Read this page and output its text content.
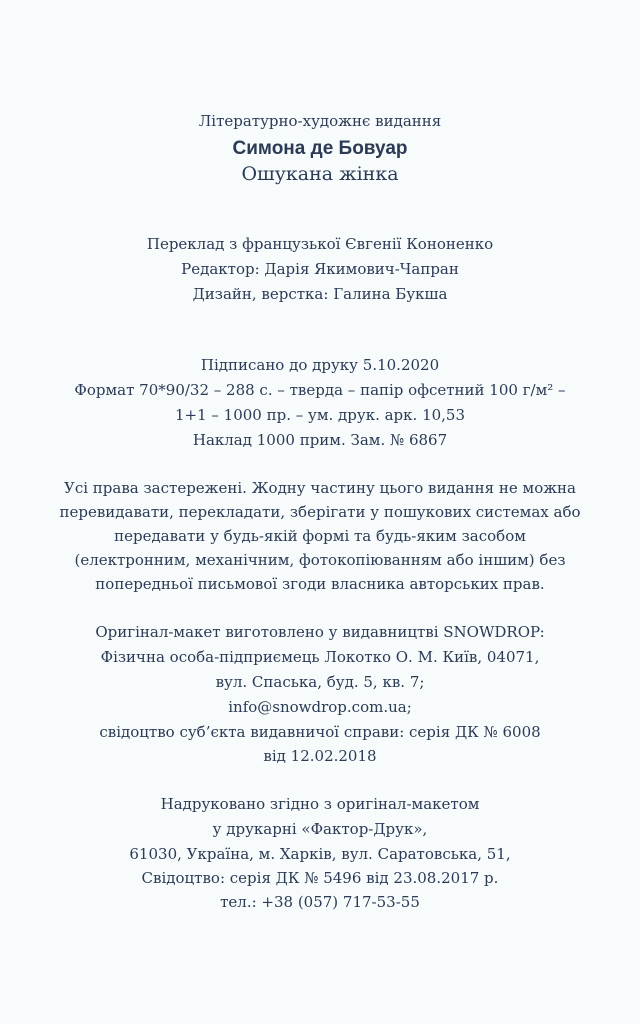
Літературно-художнє видання
Симона де Бовуар
Ошукана жінка
Переклад з французької Євгенії Кононенко
Редактор: Дарія Якимович-Чапран
Дизайн, верстка: Галина Букша
Підписано до друку 5.10.2020
Формат 70*90/32 – 288 с. – тверда – папір офсетний 100 г/м² –
1+1 – 1000 пр. – ум. друк. арк. 10,53
Наклад 1000 прим. Зам. № 6867
Усі права застережені. Жодну частину цього видання не можна
перевидавати, перекладати, зберігати у пошукових системах або
передавати у будь-якій формі та будь-яким засобом
(електронним, механічним, фотокопіюванням або іншим) без
попередньої письмової згоди власника авторських прав.
Оригінал-макет виготовлено у видавництві SNOWDROP:
Фізична особа-підприємець Локотко О. М. Київ, 04071,
вул. Спаська, буд. 5, кв. 7;
info@snowdrop.com.ua;
свідоцтво суб’єкта видавничої справи: серія ДК № 6008
від 12.02.2018
Надруковано згідно з оригінал-макетом
у друкарні «Фактор-Друк»,
61030, Україна, м. Харків, вул. Саратовська, 51,
Свідоцтво: серія ДК № 5496 від 23.08.2017 р.
тел.: +38 (057) 717-53-55
